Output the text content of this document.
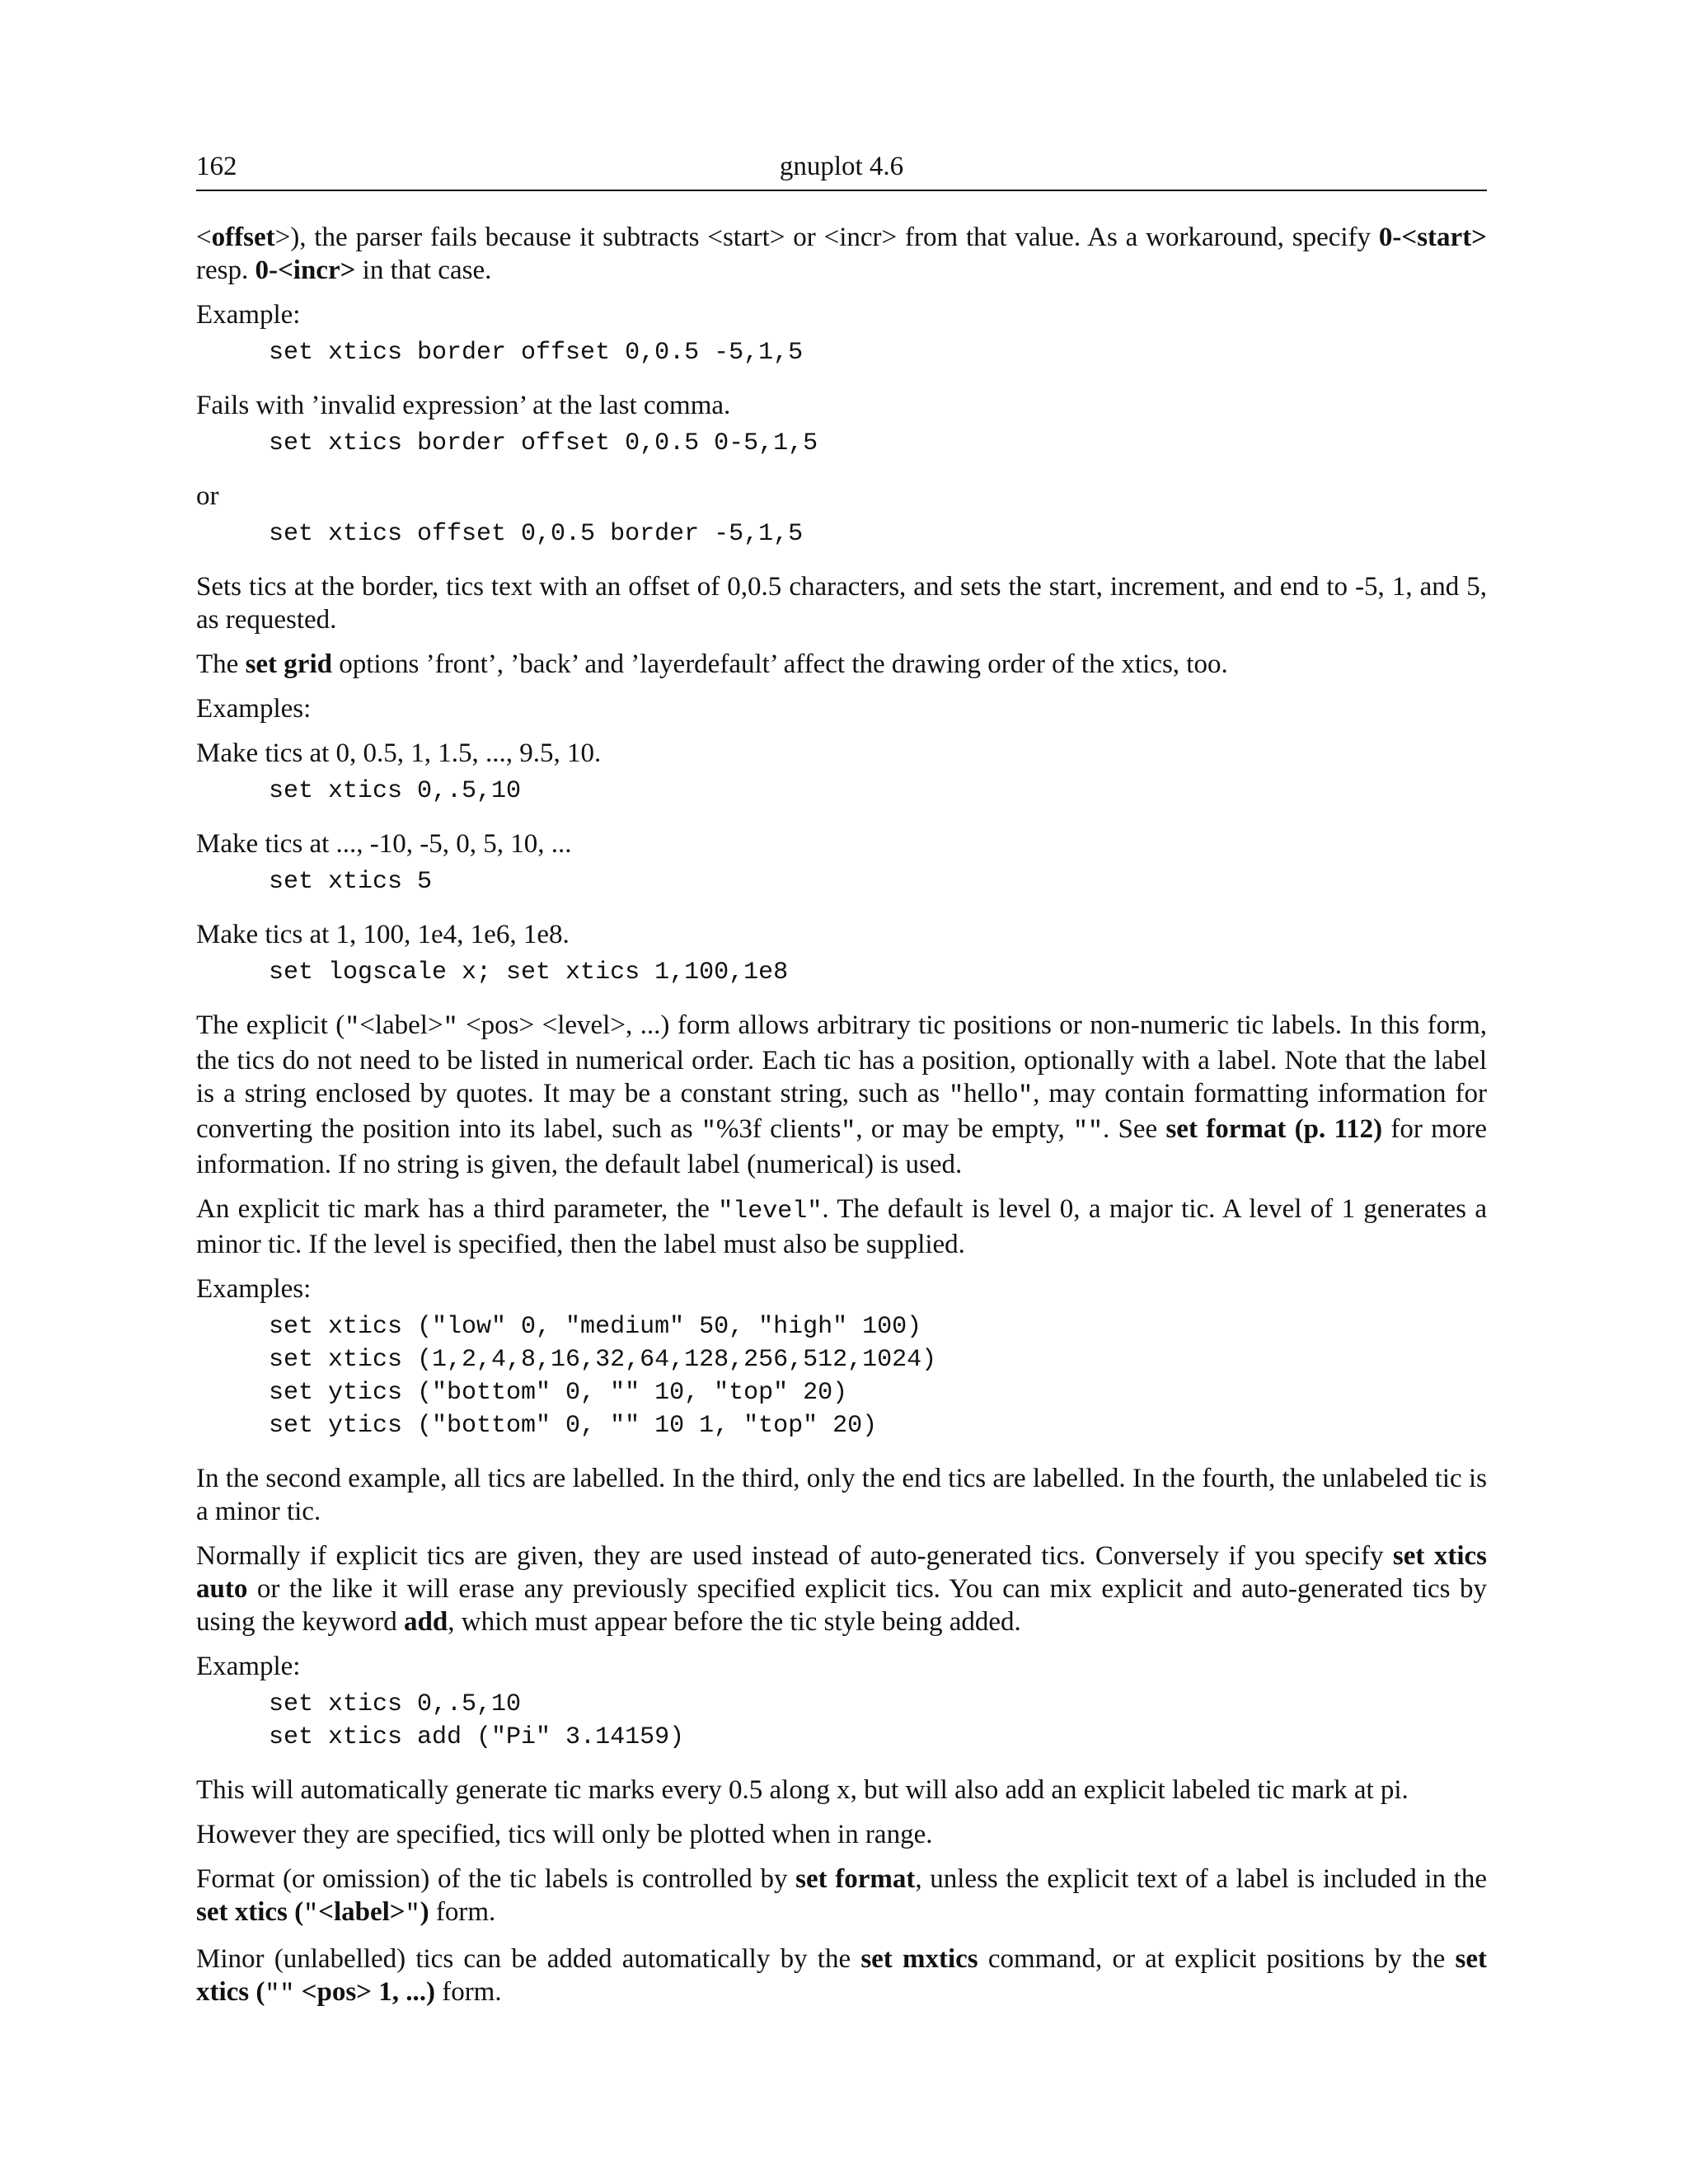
162	gnuplot 4.6

<offset>), the parser fails because it subtracts <start> or <incr> from that value. As a workaround, specify 0-<start> resp. 0-<incr> in that case.

Example:

set xtics border offset 0,0.5 -5,1,5

Fails with ’invalid expression’ at the last comma.

set xtics border offset 0,0.5 0-5,1,5

or

set xtics offset 0,0.5 border -5,1,5

Sets tics at the border, tics text with an offset of 0,0.5 characters, and sets the start, increment, and end to -5, 1, and 5, as requested.

The set grid options ’front’, ’back’ and ’layerdefault’ affect the drawing order of the xtics, too.

Examples:

Make tics at 0, 0.5, 1, 1.5, ..., 9.5, 10.

set xtics 0,.5,10

Make tics at ..., -10, -5, 0, 5, 10, ...

set xtics 5

Make tics at 1, 100, 1e4, 1e6, 1e8.

set logscale x; set xtics 1,100,1e8

The explicit ("<label>" <pos> <level>, ...) form allows arbitrary tic positions or non-numeric tic labels. In this form, the tics do not need to be listed in numerical order. Each tic has a position, optionally with a label. Note that the label is a string enclosed by quotes. It may be a constant string, such as "hello", may contain formatting information for converting the position into its label, such as "%3f clients", or may be empty, "". See set format (p. 112) for more information. If no string is given, the default label (numerical) is used.

An explicit tic mark has a third parameter, the "level". The default is level 0, a major tic. A level of 1 generates a minor tic. If the level is specified, then the label must also be supplied.

Examples:

set xtics ("low" 0, "medium" 50, "high" 100)
set xtics (1,2,4,8,16,32,64,128,256,512,1024)
set ytics ("bottom" 0, "" 10, "top" 20)
set ytics ("bottom" 0, "" 10 1, "top" 20)

In the second example, all tics are labelled. In the third, only the end tics are labelled. In the fourth, the unlabeled tic is a minor tic.

Normally if explicit tics are given, they are used instead of auto-generated tics. Conversely if you specify set xtics auto or the like it will erase any previously specified explicit tics. You can mix explicit and auto-generated tics by using the keyword add, which must appear before the tic style being added.

Example:

set xtics 0,.5,10
set xtics add ("Pi" 3.14159)

This will automatically generate tic marks every 0.5 along x, but will also add an explicit labeled tic mark at pi.

However they are specified, tics will only be plotted when in range.

Format (or omission) of the tic labels is controlled by set format, unless the explicit text of a label is included in the set xtics ("<label>") form.

Minor (unlabelled) tics can be added automatically by the set mxtics command, or at explicit positions by the set xtics ("" <pos> 1, ...) form.
